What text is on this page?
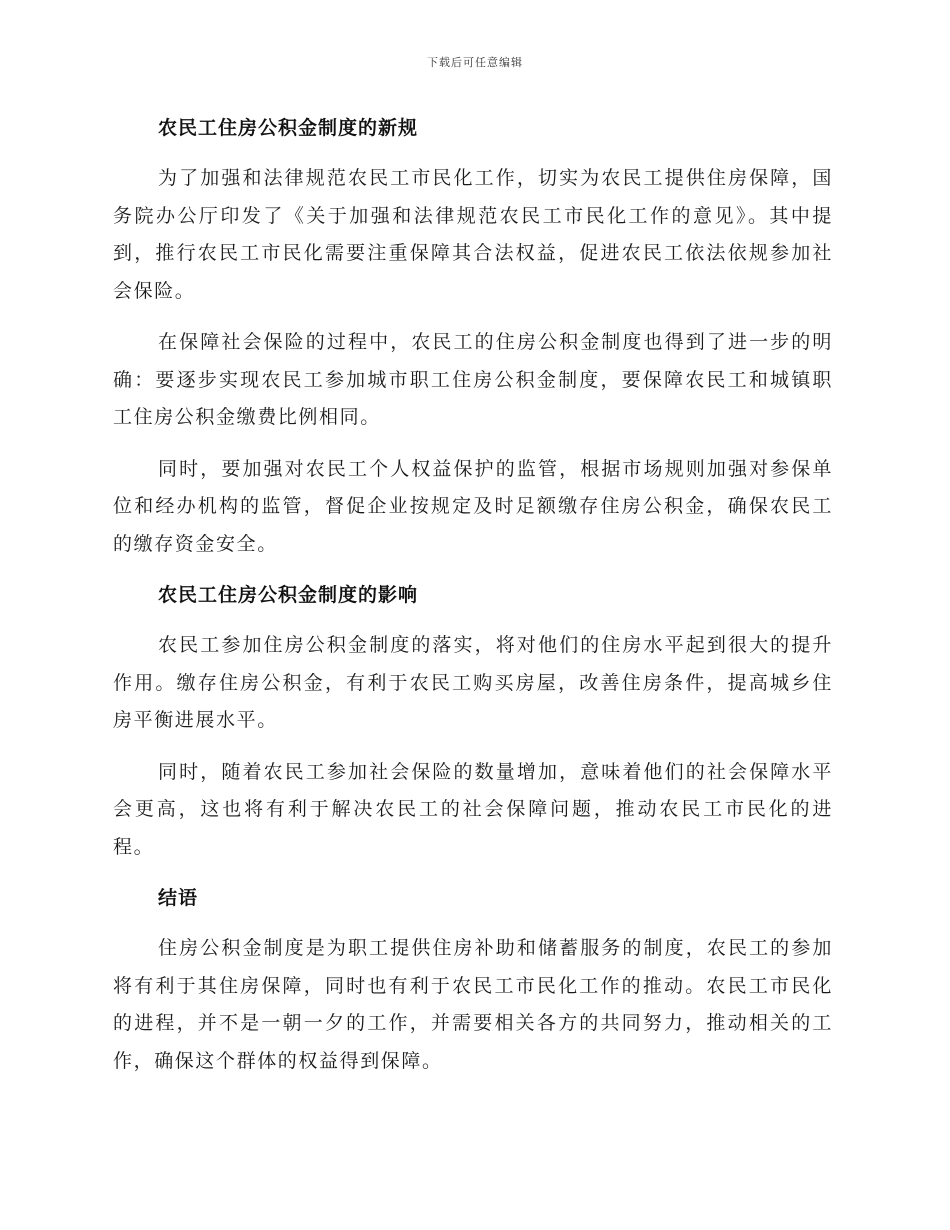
下载后可任意编辑
农民工住房公积金制度的新规

为了加强和法律规范农民工市民化工作，切实为农民工提供住房保障，国务院办公厅印发了《关于加强和法律规范农民工市民化工作的意见》。其中提到，推行农民工市民化需要注重保障其合法权益，促进农民工依法依规参加社会保险。

在保障社会保险的过程中，农民工的住房公积金制度也得到了进一步的明确：要逐步实现农民工参加城市职工住房公积金制度，要保障农民工和城镇职工住房公积金缴费比例相同。

同时，要加强对农民工个人权益保护的监管，根据市场规则加强对参保单位和经办机构的监管，督促企业按规定及时足额缴存住房公积金，确保农民工的缴存资金安全。

农民工住房公积金制度的影响

农民工参加住房公积金制度的落实，将对他们的住房水平起到很大的提升作用。缴存住房公积金，有利于农民工购买房屋，改善住房条件，提高城乡住房平衡进展水平。

同时，随着农民工参加社会保险的数量增加，意味着他们的社会保障水平会更高，这也将有利于解决农民工的社会保障问题，推动农民工市民化的进程。

结语

住房公积金制度是为职工提供住房补助和储蓄服务的制度，农民工的参加将有利于其住房保障，同时也有利于农民工市民化工作的推动。农民工市民化的进程，并不是一朝一夕的工作，并需要相关各方的共同努力，推动相关的工作，确保这个群体的权益得到保障。
